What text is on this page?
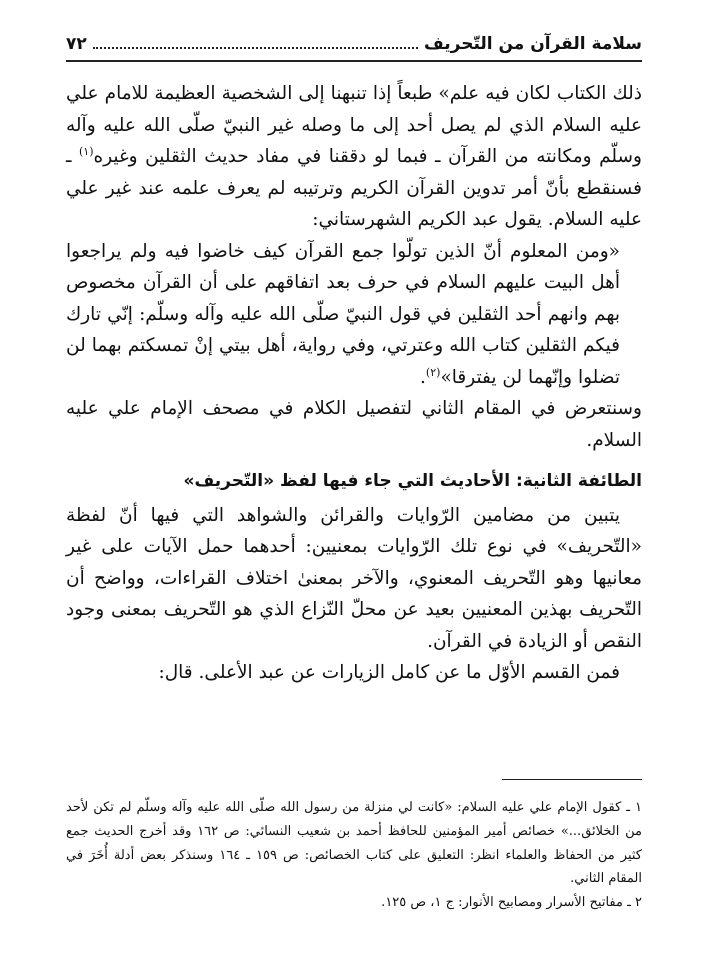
٧٢	سلامة القرآن من التّحريف

ذلك الكتاب لكان فيه علم» طبعاً إذا تنبهنا إلى الشخصية العظيمة للامام علي عليه السلام الذي لم يصل أحد إلى ما وصله غير النبيّ صلّى الله عليه وآله وسلّم ومكانته من القرآن ـ فبما لو دققنا في مفاد حديث الثقلين وغيره$^{(١)}$ ـ فسنقطع بأنّ أمر تدوين القرآن الكريم وترتيبه لم يعرف علمه عند غير علي عليه السلام. يقول عبد الكريم الشهرستاني:

«ومن المعلوم أنّ الذين تولّوا جمع القرآن كيف خاضوا فيه ولم يراجعوا أهل البيت عليهم السلام في حرف بعد اتفاقهم على أن القرآن مخصوص بهم وانهم أحد الثقلين في قول النبيّ صلّى الله عليه وآله وسلّم: إنّي تارك فيكم الثقلين كتاب الله وعترتي، وفي رواية، أهل بيتي إنْ تمسكتم بهما لن تضلوا وإنّهما لن يفترقا»$^{(٢)}$.

وسنتعرض في المقام الثاني لتفصيل الكلام في مصحف الإمام علي عليه السلام.

الطائفة الثانية: الأحاديث التي جاء فيها لفظ «التّحريف»

يتبين من مضامين الرّوايات والقرائن والشواهد التي فيها أنّ لفظة «التّحريف» في نوع تلك الرّوايات بمعنيين: أحدهما حمل الآيات على غير معانيها وهو التّحريف المعنوي، والآخر بمعنىٰ اختلاف القراءات، وواضح أن التّحريف بهذين المعنيين بعيد عن محلّ النّزاع الذي هو التّحريف بمعنى وجود النقص أو الزيادة في القرآن.

فمن القسم الأوّل ما عن كامل الزيارات عن عبد الأعلى. قال:

١ ـ كقول الإمام علي عليه السلام: «كانت لي منزلة من رسول الله صلّى الله عليه وآله وسلّم لم تكن لأحد من الخلائق...» خصائص أمير المؤمنين للحافظ أحمد بن شعيب النسائي: ص ١٦٢ وقد أخرج الحديث جمع كثير من الحفاظ والعلماء انظر: التعليق على كتاب الخصائص: ص ١٥٩ ـ ١٦٤ وسنذكر بعض أدلة أُخَرَ في المقام الثاني.

٢ ـ مفاتيح الأسرار ومصابيح الأنوار: ج ١، ص ١٢٥.
